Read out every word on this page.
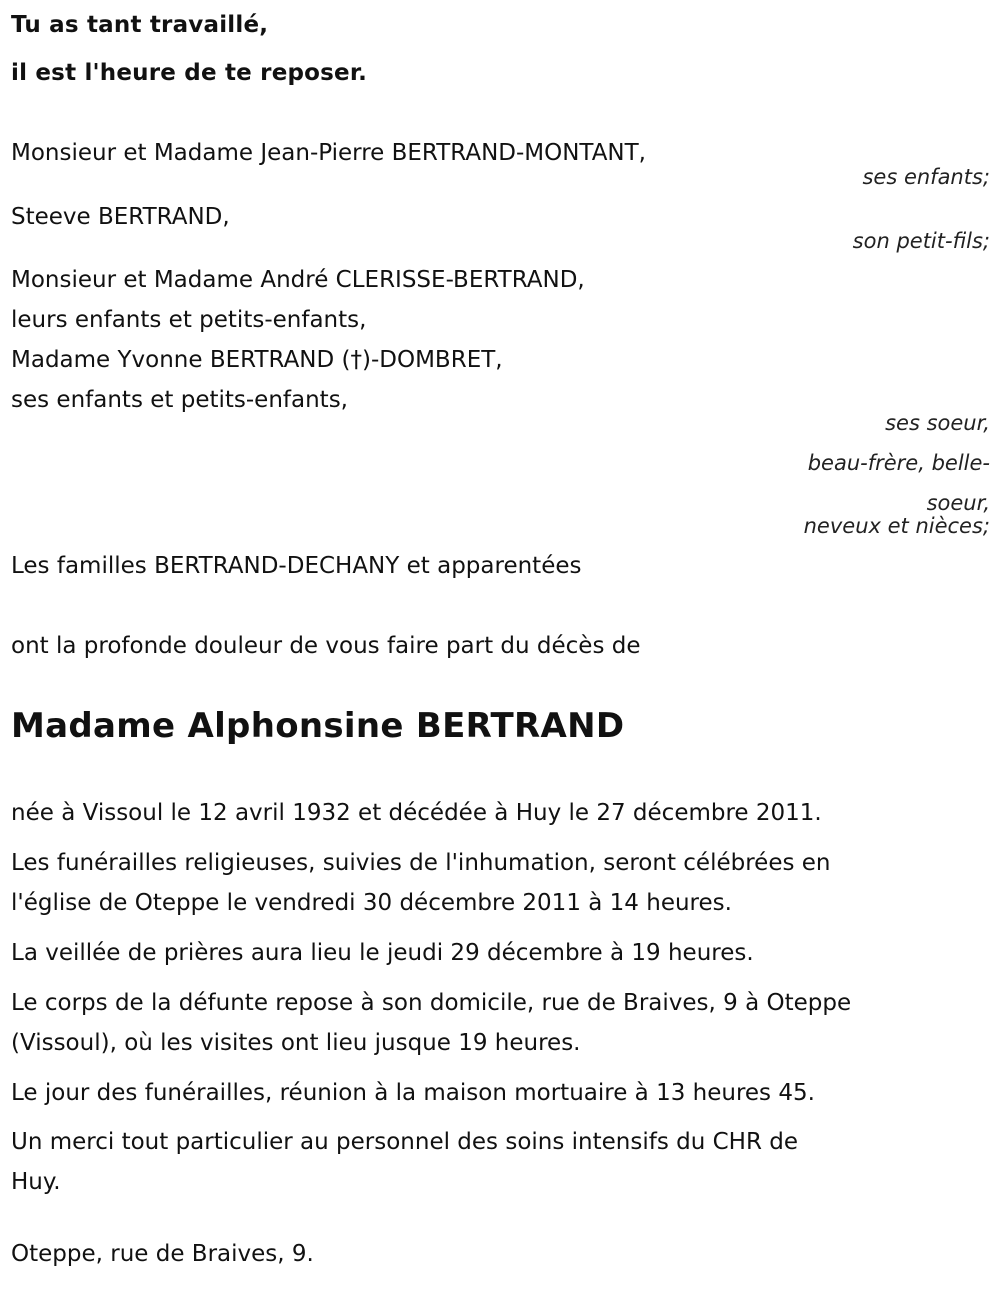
Tu as tant travaillé,
il est l'heure de te reposer.
Monsieur et Madame Jean-Pierre BERTRAND-MONTANT,
ses enfants;
Steeve BERTRAND,
son petit-fils;
Monsieur et Madame André CLERISSE-BERTRAND,
leurs enfants et petits-enfants,
Madame Yvonne BERTRAND (†)-DOMBRET,
ses enfants et petits-enfants,
ses soeur,
beau-frère, belle-
soeur,
neveux et nièces;
Les familles BERTRAND-DECHANY et apparentées
ont la profonde douleur de vous faire part du décès de
Madame Alphonsine BERTRAND
née à Vissoul le 12 avril 1932 et décédée à Huy le 27 décembre 2011.
Les funérailles religieuses, suivies de l'inhumation, seront célébrées en
l'église de Oteppe le vendredi 30 décembre 2011 à 14 heures.
La veillée de prières aura lieu le jeudi 29 décembre à 19 heures.
Le corps de la défunte repose à son domicile, rue de Braives, 9 à Oteppe
(Vissoul), où les visites ont lieu jusque 19 heures.
Le jour des funérailles, réunion à la maison mortuaire à 13 heures 45.
Un merci tout particulier au personnel des soins intensifs du CHR de
Huy.
Oteppe, rue de Braives, 9.
